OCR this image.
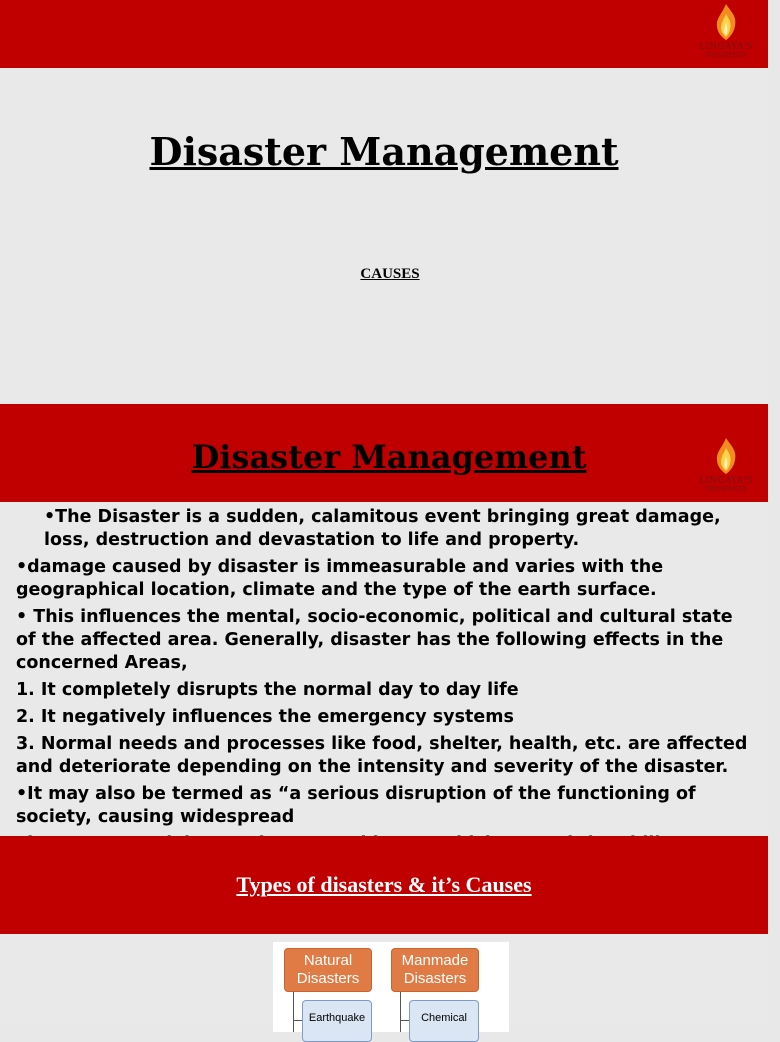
LINGAYA'S
VIDYAPEETH
Disaster Management
CAUSES
LINGAYA'S
VIDYAPEETH
Disaster Management

•The Disaster is a sudden, calamitous event bringing great damage, loss, destruction and devastation to life and property.

•damage caused by disaster is immeasurable and varies with the geographical location, climate and the type of the earth surface.

• This influences the mental, socio-economic, political and cultural state of the affected area. Generally, disaster has the following effects in the concerned Areas,

1. It completely disrupts the normal day to day life

2. It negatively influences the emergency systems

3. Normal needs and processes like food, shelter, health, etc. are affected and deteriorate depending on the intensity and severity of the disaster.

•It may also be termed as “a serious disruption of the functioning of society, causing widespread

Types of disasters & it’s Causes
Natural Disasters
Manmade Disasters
Earthquake	Chemical
